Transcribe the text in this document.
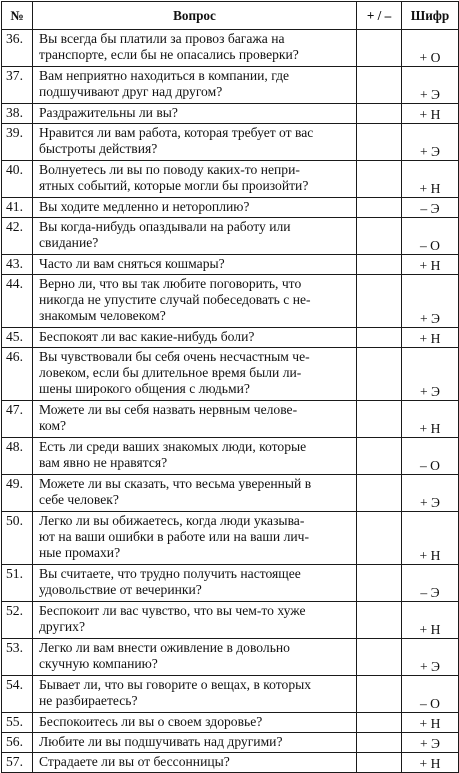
№	Вопрос	+ / –	Шифр
36.	Вы всегда бы платили за провоз багажа на
транспорте, если бы не опасались проверки?		+ О
37.	Вам неприятно находиться в компании, где
подшучивают друг над другом?		+ Э
38.	Раздражительны ли вы?		+ Н
39.	Нравится ли вам работа, которая требует от вас
быстроты действия?		+ Э
40.	Волнуетесь ли вы по поводу каких-то непри-
ятных событий, которые могли бы произойти?		+ Н
41.	Вы ходите медленно и нетороплию?		– Э
42.	Вы когда-нибудь опаздывали на работу или
свидание?		– О
43.	Часто ли вам сняться кошмары?		+ Н
44.	Верно ли, что вы так любите поговорить, что
никогда не упустите случай побеседовать с не-
знакомым человеком?		+ Э
45.	Беспокоят ли вас какие-нибудь боли?		+ Н
46.	Вы чувствовали бы себя очень несчастным че-
ловеком, если бы длительное время были ли-
шены широкого общения с людьми?		+ Э
47.	Можете ли вы себя назвать нервным челове-
ком?		+ Н
48.	Есть ли среди ваших знакомых люди, которые
вам явно не нравятся?		– О
49.	Можете ли вы сказать, что весьма уверенный в
себе человек?		+ Э
50.	Легко ли вы обижаетесь, когда люди указыва-
ют на ваши ошибки в работе или на ваши лич-
ные промахи?		+ Н
51.	Вы считаете, что трудно получить настоящее
удовольствие от вечеринки?		– Э
52.	Беспокоит ли вас чувство, что вы чем-то хуже
других?		+ Н
53.	Легко ли вам внести оживление в довольно
скучную компанию?		+ Э
54.	Бывает ли, что вы говорите о вещах, в которых
не разбираетесь?		– О
55.	Беспокоитесь ли вы о своем здоровье?		+ Н
56.	Любите ли вы подшучивать над другими?		+ Э
57.	Страдаете ли вы от бессонницы?		+ Н
